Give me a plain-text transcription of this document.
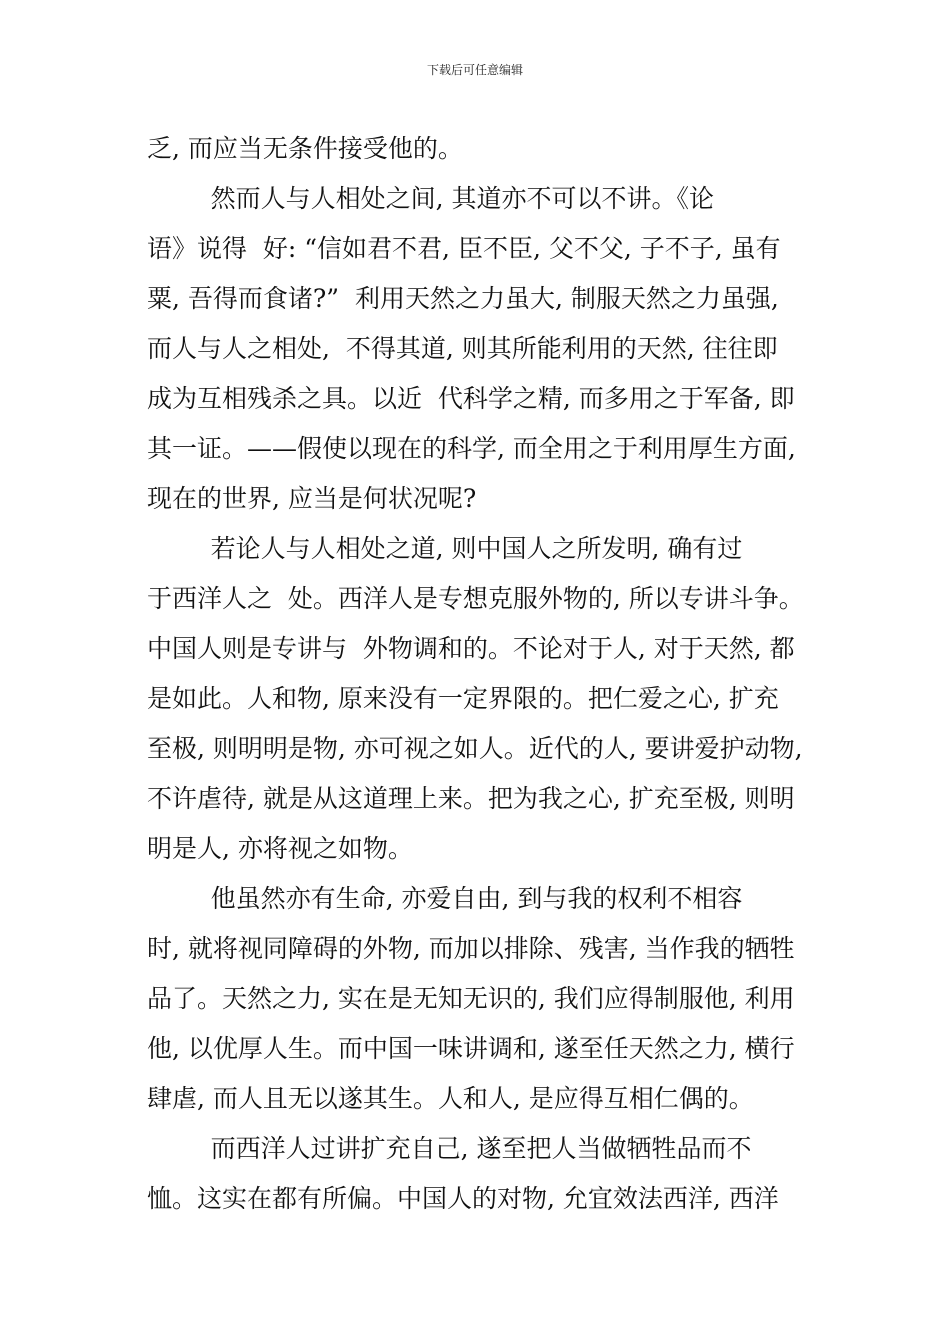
下载后可任意编辑
乏, 而应当无条件接受他的。
然而人与人相处之间, 其道亦不可以不讲。《论
语》说得  好: “信如君不君, 臣不臣, 父不父, 子不子, 虽有
粟, 吾得而食诸?”  利用天然之力虽大, 制服天然之力虽强,
而人与人之相处,  不得其道, 则其所能利用的天然, 往往即
成为互相残杀之具。以近  代科学之精, 而多用之于军备, 即
其一证。——假使以现在的科学, 而全用之于利用厚生方面,
现在的世界, 应当是何状况呢?
若论人与人相处之道, 则中国人之所发明, 确有过
于西洋人之  处。西洋人是专想克服外物的, 所以专讲斗争。
中国人则是专讲与  外物调和的。不论对于人, 对于天然, 都
是如此。人和物, 原来没有一定界限的。把仁爱之心, 扩充
至极, 则明明是物, 亦可视之如人。近代的人, 要讲爱护动物,
不许虐待, 就是从这道理上来。把为我之心, 扩充至极, 则明
明是人, 亦将视之如物。
他虽然亦有生命, 亦爱自由, 到与我的权利不相容
时, 就将视同障碍的外物, 而加以排除、残害, 当作我的牺牲
品了。天然之力, 实在是无知无识的, 我们应得制服他, 利用
他, 以优厚人生。而中国一味讲调和, 遂至任天然之力, 横行
肆虐, 而人且无以遂其生。人和人, 是应得互相仁偶的。
而西洋人过讲扩充自己, 遂至把人当做牺牲品而不
恤。这实在都有所偏。中国人的对物, 允宜效法西洋, 西洋
